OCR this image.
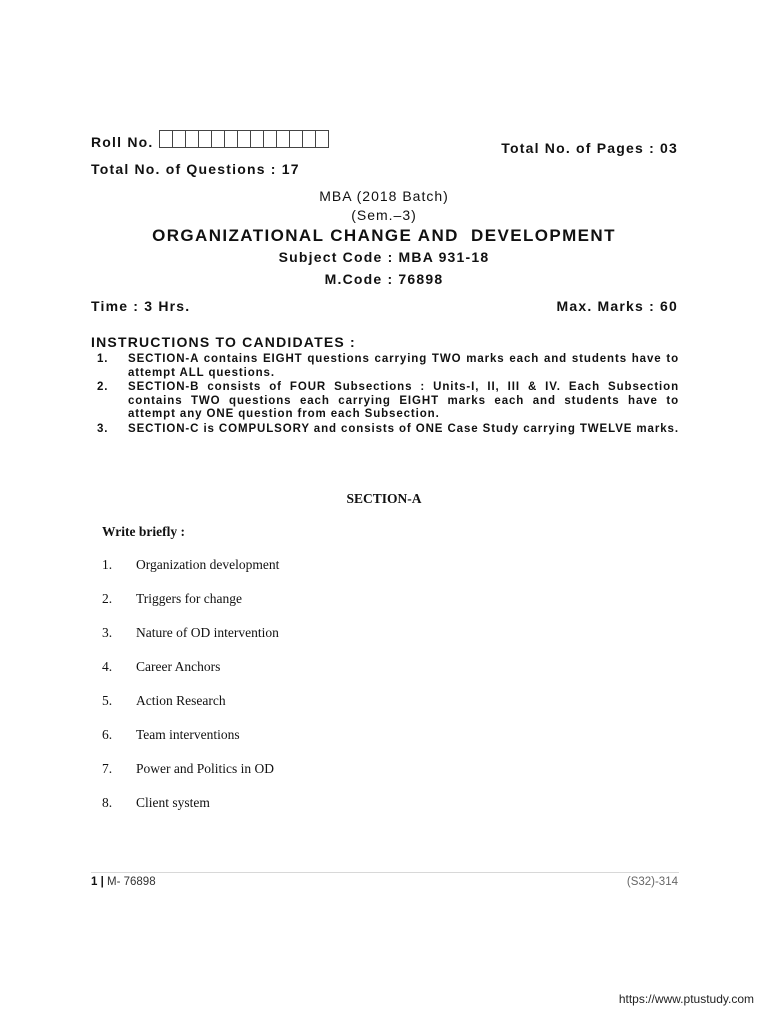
Roll No.	Total No. of Pages : 03
Total No. of Questions : 17
MBA (2018 Batch)
(Sem.–3)
ORGANIZATIONAL CHANGE AND  DEVELOPMENT
Subject Code : MBA 931-18
M.Code : 76898
Time : 3 Hrs.	Max. Marks : 60
INSTRUCTIONS TO CANDIDATES :
1.	SECTION-A contains EIGHT questions carrying TWO marks each and students have to attempt ALL questions.
2.	SECTION-B consists of FOUR Subsections : Units-I, II, III & IV. Each Subsection contains TWO questions each carrying EIGHT marks each and students have to attempt any ONE question from each Subsection.
3.	SECTION-C is COMPULSORY and consists of ONE Case Study carrying TWELVE marks.
SECTION-A
Write briefly :
1.	Organization development
2.	Triggers for change
3.	Nature of OD intervention
4.	Career Anchors
5.	Action Research
6.	Team interventions
7.	Power and Politics in OD
8.	Client system
1 | M- 76898	(S32)-314
https://www.ptustudy.com
